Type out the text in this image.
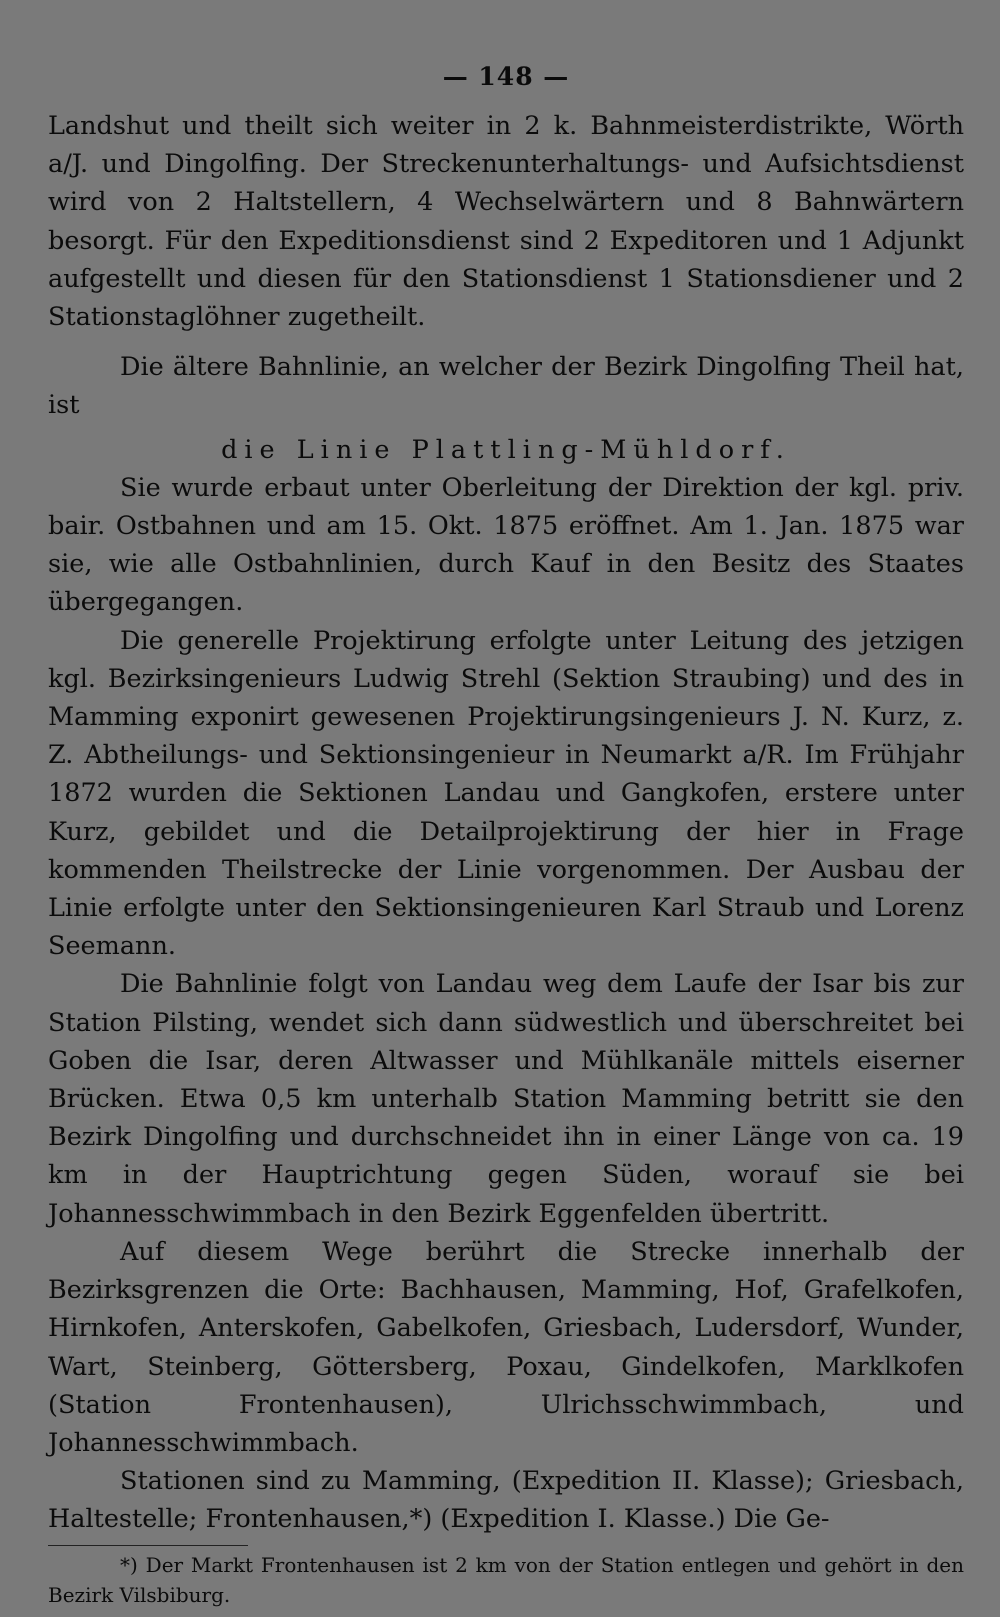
— 148 —

Landshut und theilt sich weiter in 2 k. Bahnmeisterdistrikte, Wörth a/J. und Dingolfing. Der Streckenunterhaltungs- und Aufsichtsdienst wird von 2 Haltstellern, 4 Wechselwärtern und 8 Bahnwärtern besorgt. Für den Expeditionsdienst sind 2 Expeditoren und 1 Adjunkt aufgestellt und diesen für den Stationsdienst 1 Stationsdiener und 2 Stationstaglöhner zugetheilt.

Die ältere Bahnlinie, an welcher der Bezirk Dingolfing Theil hat, ist

die Linie Plattling-Mühldorf.

Sie wurde erbaut unter Oberleitung der Direktion der kgl. priv. bair. Ostbahnen und am 15. Okt. 1875 eröffnet. Am 1. Jan. 1875 war sie, wie alle Ostbahnlinien, durch Kauf in den Besitz des Staates übergegangen.

Die generelle Projektirung erfolgte unter Leitung des jetzigen kgl. Bezirksingenieurs Ludwig Strehl (Sektion Straubing) und des in Mamming exponirt gewesenen Projektirungsingenieurs J. N. Kurz, z. Z. Abtheilungs- und Sektionsingenieur in Neumarkt a/R. Im Frühjahr 1872 wurden die Sektionen Landau und Gangkofen, erstere unter Kurz, gebildet und die Detailprojektirung der hier in Frage kommenden Theilstrecke der Linie vorgenommen. Der Ausbau der Linie erfolgte unter den Sektionsingenieuren Karl Straub und Lorenz Seemann.

Die Bahnlinie folgt von Landau weg dem Laufe der Isar bis zur Station Pilsting, wendet sich dann südwestlich und überschreitet bei Goben die Isar, deren Altwasser und Mühlkanäle mittels eiserner Brücken. Etwa 0,5 km unterhalb Station Mamming betritt sie den Bezirk Dingolfing und durchschneidet ihn in einer Länge von ca. 19 km in der Hauptrichtung gegen Süden, worauf sie bei Johannesschwimmbach in den Bezirk Eggenfelden übertritt.

Auf diesem Wege berührt die Strecke innerhalb der Bezirksgrenzen die Orte: Bachhausen, Mamming, Hof, Grafelkofen, Hirnkofen, Anterskofen, Gabelkofen, Griesbach, Ludersdorf, Wunder, Wart, Steinberg, Göttersberg, Poxau, Gindelkofen, Marklkofen (Station Frontenhausen), Ulrichsschwimmbach, und Johannesschwimmbach.

Stationen sind zu Mamming, (Expedition II. Klasse); Griesbach, Haltestelle; Frontenhausen,*) (Expedition I. Klasse.) Die Ge-

*) Der Markt Frontenhausen ist 2 km von der Station entlegen und gehört in den Bezirk Vilsbiburg.
